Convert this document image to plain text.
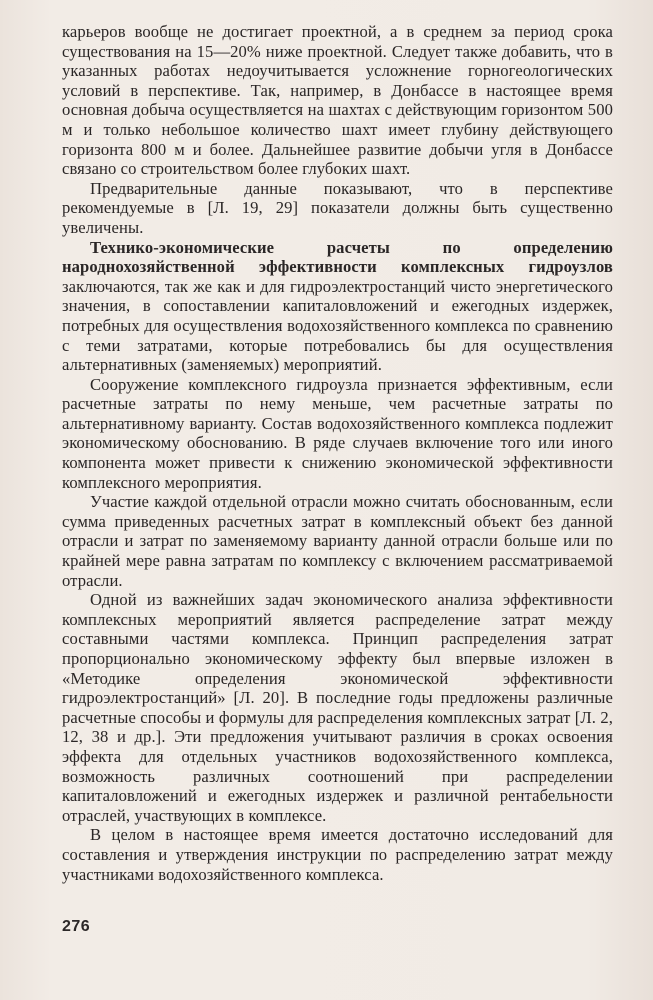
карьеров вообще не достигает проектной, а в среднем за период срока существования на 15—20% ниже проектной. Следует также добавить, что в указанных работах недоучитывается усложнение горногеологических условий в перспективе. Так, например, в Донбассе в настоящее время основная добыча осуществляется на шахтах с действующим горизонтом 500 м и только небольшое количество шахт имеет глубину действующего горизонта 800 м и более. Дальнейшее развитие добычи угля в Донбассе связано со строительством более глубоких шахт.

Предварительные данные показывают, что в перспективе рекомендуемые в [Л. 19, 29] показатели должны быть существенно увеличены.

Технико-экономические расчеты по определению народнохозяйственной эффективности комплексных гидроузлов заключаются, так же как и для гидроэлектростанций чисто энергетического значения, в сопоставлении капиталовложений и ежегодных издержек, потребных для осуществления водохозяйственного комплекса по сравнению с теми затратами, которые потребовались бы для осуществления альтернативных (заменяемых) мероприятий.

Сооружение комплексного гидроузла признается эффективным, если расчетные затраты по нему меньше, чем расчетные затраты по альтернативному варианту. Состав водохозяйственного комплекса подлежит экономическому обоснованию. В ряде случаев включение того или иного компонента может привести к снижению экономической эффективности комплексного мероприятия.

Участие каждой отдельной отрасли можно считать обоснованным, если сумма приведенных расчетных затрат в комплексный объект без данной отрасли и затрат по заменяемому варианту данной отрасли больше или по крайней мере равна затратам по комплексу с включением рассматриваемой отрасли.

Одной из важнейших задач экономического анализа эффективности комплексных мероприятий является распределение затрат между составными частями комплекса. Принцип распределения затрат пропорционально экономическому эффекту был впервые изложен в «Методике определения экономической эффективности гидроэлектростанций» [Л. 20]. В последние годы предложены различные расчетные способы и формулы для распределения комплексных затрат [Л. 2, 12, 38 и др.]. Эти предложения учитывают различия в сроках освоения эффекта для отдельных участников водохозяйственного комплекса, возможность различных соотношений при распределении капиталовложений и ежегодных издержек и различной рентабельности отраслей, участвующих в комплексе.

В целом в настоящее время имеется достаточно исследований для составления и утверждения инструкции по распределению затрат между участниками водохозяйственного комплекса.

276
